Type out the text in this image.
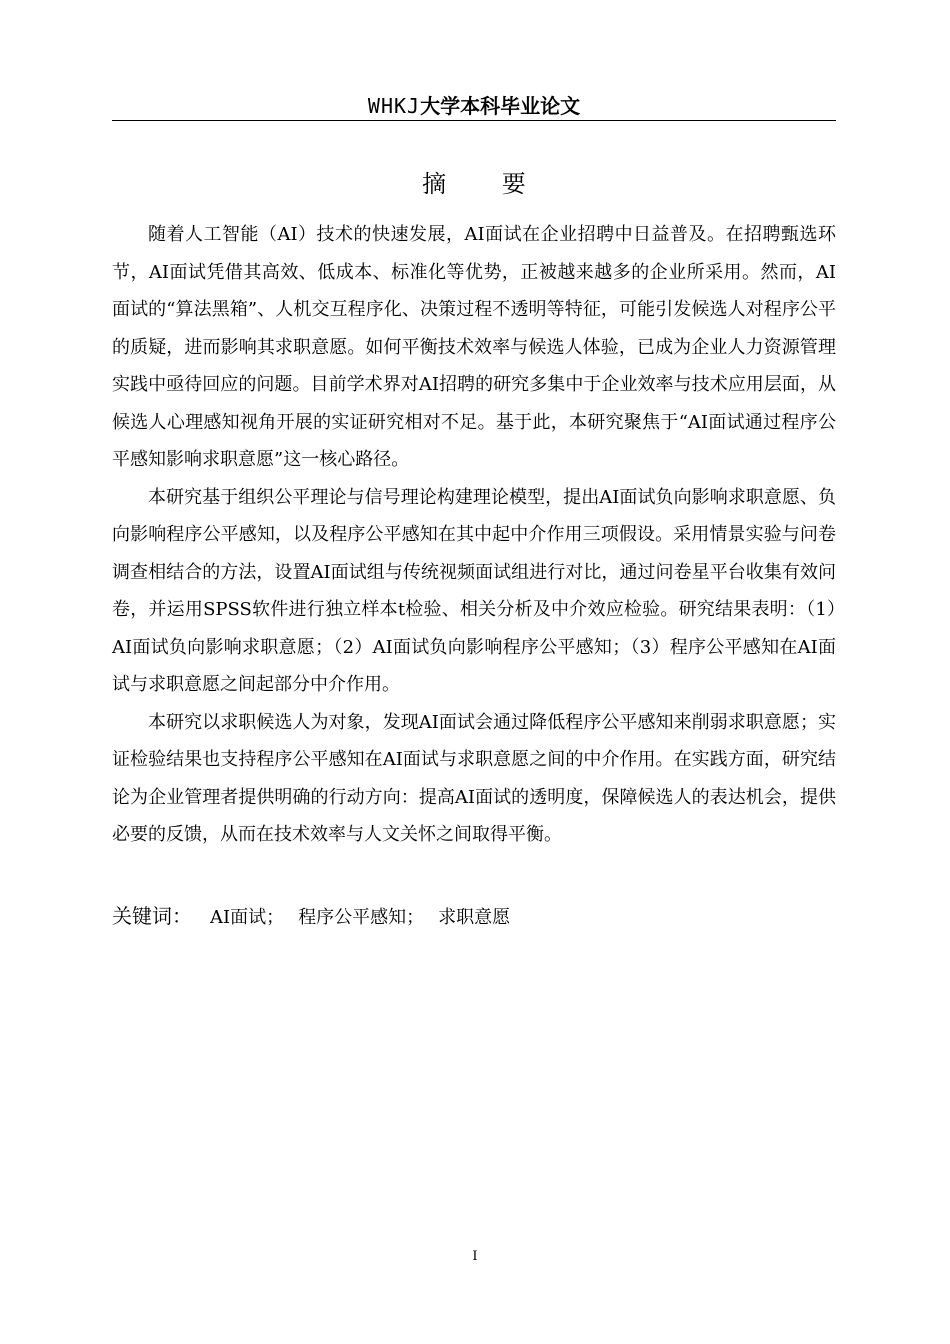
WHKJ大学本科毕业论文
摘 要

随着人工智能（AI）技术的快速发展，AI面试在企业招聘中日益普及。在招聘甄选环节，AI面试凭借其高效、低成本、标准化等优势，正被越来越多的企业所采用。然而，AI面试的“算法黑箱”、人机交互程序化、决策过程不透明等特征，可能引发候选人对程序公平的质疑，进而影响其求职意愿。如何平衡技术效率与候选人体验，已成为企业人力资源管理实践中亟待回应的问题。目前学术界对AI招聘的研究多集中于企业效率与技术应用层面，从候选人心理感知视角开展的实证研究相对不足。基于此，本研究聚焦于“AI面试通过程序公平感知影响求职意愿”这一核心路径。

本研究基于组织公平理论与信号理论构建理论模型，提出AI面试负向影响求职意愿、负向影响程序公平感知，以及程序公平感知在其中起中介作用三项假设。采用情景实验与问卷调查相结合的方法，设置AI面试组与传统视频面试组进行对比，通过问卷星平台收集有效问卷，并运用SPSS软件进行独立样本t检验、相关分析及中介效应检验。研究结果表明：（1）AI面试负向影响求职意愿；（2）AI面试负向影响程序公平感知；（3）程序公平感知在AI面试与求职意愿之间起部分中介作用。

本研究以求职候选人为对象，发现AI面试会通过降低程序公平感知来削弱求职意愿；实证检验结果也支持程序公平感知在AI面试与求职意愿之间的中介作用。在实践方面，研究结论为企业管理者提供明确的行动方向：提高AI面试的透明度，保障候选人的表达机会，提供必要的反馈，从而在技术效率与人文关怀之间取得平衡。

关键词： AI面试； 程序公平感知； 求职意愿
I
